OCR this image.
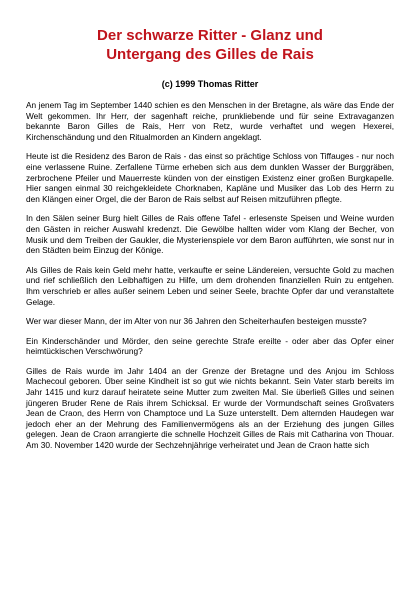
Der schwarze Ritter - Glanz und
Untergang des Gilles de Rais
(c) 1999 Thomas Ritter

An jenem Tag im September 1440 schien es den Menschen in der Bretagne, als wäre das Ende der Welt gekommen. Ihr Herr, der sagenhaft reiche, prunkliebende und für seine Extravaganzen bekannte Baron Gilles de Rais, Herr von Retz, wurde verhaftet und wegen Hexerei, Kirchenschändung und den Ritualmorden an Kindern angeklagt.

Heute ist die Residenz des Baron de Rais - das einst so prächtige Schloss von Tiffauges - nur noch eine verlassene Ruine. Zerfallene Türme erheben sich aus dem dunklen Wasser der Burggräben, zerbrochene Pfeiler und Mauerreste künden von der einstigen Existenz einer großen Burgkapelle. Hier sangen einmal 30 reichgekleidete Chorknaben, Kapläne und Musiker das Lob des Herrn zu den Klängen einer Orgel, die der Baron de Rais selbst auf Reisen mitzuführen pflegte.

In den Sälen seiner Burg hielt Gilles de Rais offene Tafel - erlesenste Speisen und Weine wurden den Gästen in reicher Auswahl kredenzt. Die Gewölbe hallten wider vom Klang der Becher, von Musik und dem Treiben der Gaukler, die Mysterienspiele vor dem Baron aufführten, wie sonst nur in den Städten beim Einzug der Könige.

Als Gilles de Rais kein Geld mehr hatte, verkaufte er seine Ländereien, versuchte Gold zu machen und rief schließlich den Leibhaftigen zu Hilfe, um dem drohenden finanziellen Ruin zu entgehen. Ihm verschrieb er alles außer seinem Leben und seiner Seele, brachte Opfer dar und veranstaltete Gelage.

Wer war dieser Mann, der im Alter von nur 36 Jahren den Scheiterhaufen besteigen musste?

Ein Kinderschänder und Mörder, den seine gerechte Strafe ereilte - oder aber das Opfer einer heimtückischen Verschwörung?

Gilles de Rais wurde im Jahr 1404 an der Grenze der Bretagne und des Anjou im Schloss Machecoul geboren. Über seine Kindheit ist so gut wie nichts bekannt. Sein Vater starb bereits im Jahr 1415 und kurz darauf heiratete seine Mutter zum zweiten Mal. Sie überließ Gilles und seinen jüngeren Bruder Rene de Rais ihrem Schicksal. Er wurde der Vormundschaft seines Großvaters Jean de Craon, des Herrn von Champtoce und La Suze unterstellt. Dem alternden Haudegen war jedoch eher an der Mehrung des Familienvermögens als an der Erziehung des jungen Gilles gelegen. Jean de Craon arrangierte die schnelle Hochzeit Gilles de Rais mit Catharina von Thouar. Am 30. November 1420 wurde der Sechzehnjährige verheiratet und Jean de Craon hatte sich
